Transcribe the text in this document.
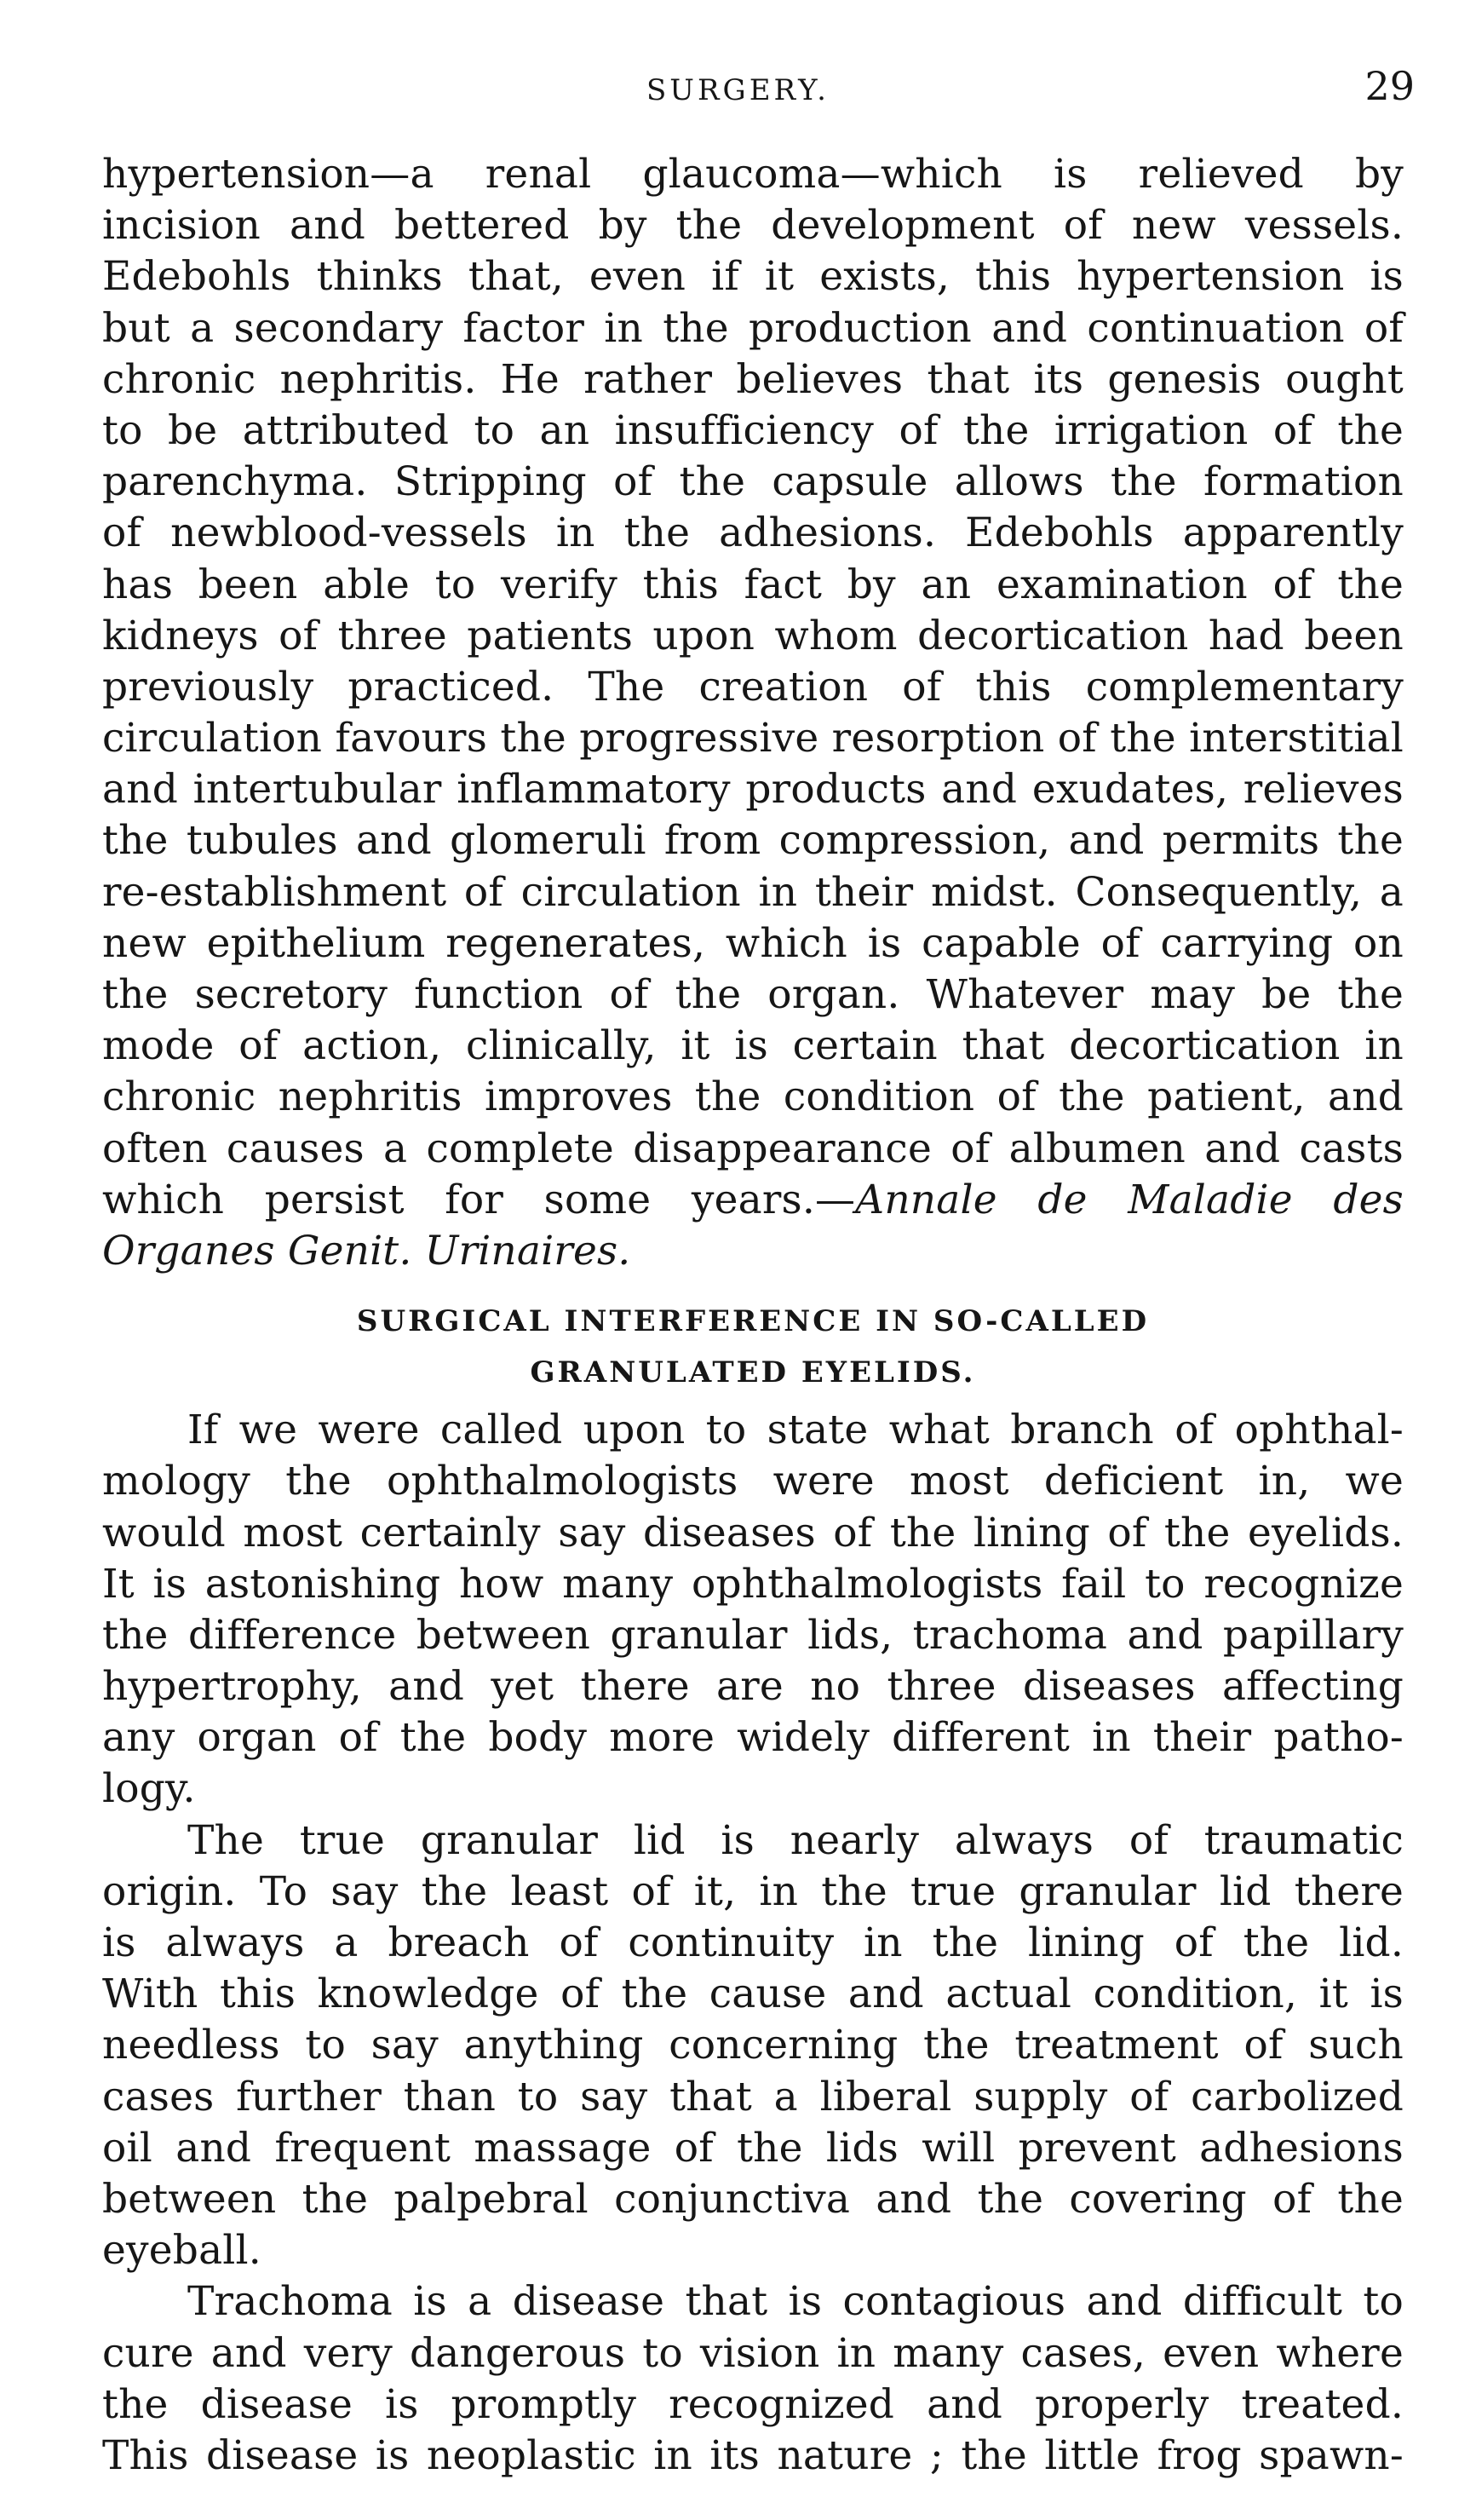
SURGERY.	29
hypertension—a renal glaucoma—which is relieved by
incision and bettered by the development of new vessels.
Edebohls thinks that, even if it exists, this hypertension is
but a secondary factor in the production and continuation of
chronic nephritis. He rather believes that its genesis ought
to be attributed to an insufficiency of the irrigation of the
parenchyma. Stripping of the capsule allows the formation
of newblood-vessels in the adhesions. Edebohls apparently
has been able to verify this fact by an examination of the
kidneys of three patients upon whom decortication had been
previously practiced. The creation of this complementary
circulation favours the progressive resorption of the interstitial
and intertubular inflammatory products and exudates, relieves
the tubules and glomeruli from compression, and permits the
re-establishment of circulation in their midst. Consequently, a
new epithelium regenerates, which is capable of carrying on
the secretory function of the organ. Whatever may be the
mode of action, clinically, it is certain that decortication in
chronic nephritis improves the condition of the patient, and
often causes a complete disappearance of albumen and casts
which persist for some years.—Annale de Maladie des
Organes Genit. Urinaires.
SURGICAL INTERFERENCE IN SO-CALLED
GRANULATED EYELIDS.
If we were called upon to state what branch of ophthal-
mology the ophthalmologists were most deficient in, we
would most certainly say diseases of the lining of the eyelids.
It is astonishing how many ophthalmologists fail to recognize
the difference between granular lids, trachoma and papillary
hypertrophy, and yet there are no three diseases affecting
any organ of the body more widely different in their patho-
logy.
The true granular lid is nearly always of traumatic
origin. To say the least of it, in the true granular lid there
is always a breach of continuity in the lining of the lid.
With this knowledge of the cause and actual condition, it is
needless to say anything concerning the treatment of such
cases further than to say that a liberal supply of carbolized
oil and frequent massage of the lids will prevent adhesions
between the palpebral conjunctiva and the covering of the
eyeball.
Trachoma is a disease that is contagious and difficult to
cure and very dangerous to vision in many cases, even where
the disease is promptly recognized and properly treated.
This disease is neoplastic in its nature ; the little frog spawn-
